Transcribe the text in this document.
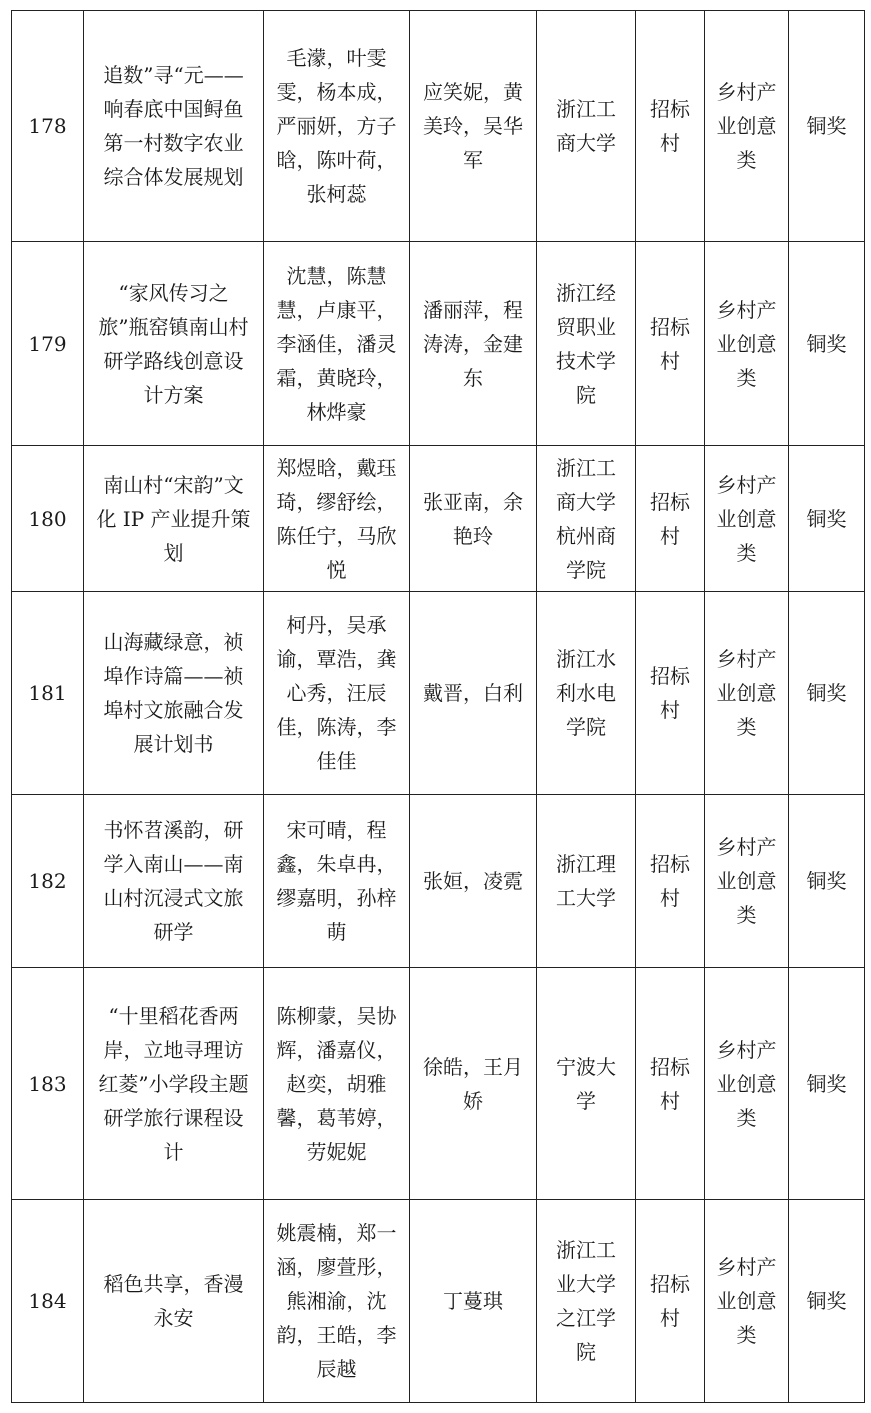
178	追数”寻“元——响春底中国鲟鱼第一村数字农业综合体发展规划	毛濛，叶雯雯，杨本成，严丽妍，方子晗，陈叶荷，张柯蕊	应笑妮，黄美玲，吴华军	浙江工商大学	招标村	乡村产业创意类	铜奖

179	“家风传习之旅”瓶窑镇南山村研学路线创意设计方案	沈慧，陈慧慧，卢康平，李涵佳，潘灵霜，黄晓玲，林烨豪	潘丽萍，程涛涛，金建东	浙江经贸职业技术学院	招标村	乡村产业创意类	铜奖

180	南山村“宋韵”文化 IP 产业提升策划	郑煜晗，戴珏琦，缪舒绘，陈任宁，马欣悦	张亚南，余艳玲	浙江工商大学杭州商学院	招标村	乡村产业创意类	铜奖

181	山海藏绿意，祯埠作诗篇——祯埠村文旅融合发展计划书	柯丹，吴承谕，覃浩，龚心秀，汪辰佳，陈涛，李佳佳	戴晋，白利	浙江水利水电学院	招标村	乡村产业创意类	铜奖

182	书怀苕溪韵，研学入南山——南山村沉浸式文旅研学	宋可晴，程鑫，朱卓冉，缪嘉明，孙梓萌	张姮，凌霓	浙江理工大学	招标村	乡村产业创意类	铜奖

183	“十里稻花香两岸，立地寻理访红菱”小学段主题研学旅行课程设计	陈柳蒙，吴协辉，潘嘉仪，赵奕，胡雅馨，葛苇婷，劳妮妮	徐皓，王月娇	宁波大学	招标村	乡村产业创意类	铜奖

184	稻色共享，香漫永安	姚震楠，郑一涵，廖萱彤，熊湘渝，沈韵，王皓，李辰越	丁蔓琪	浙江工业大学之江学院	招标村	乡村产业创意类	铜奖
